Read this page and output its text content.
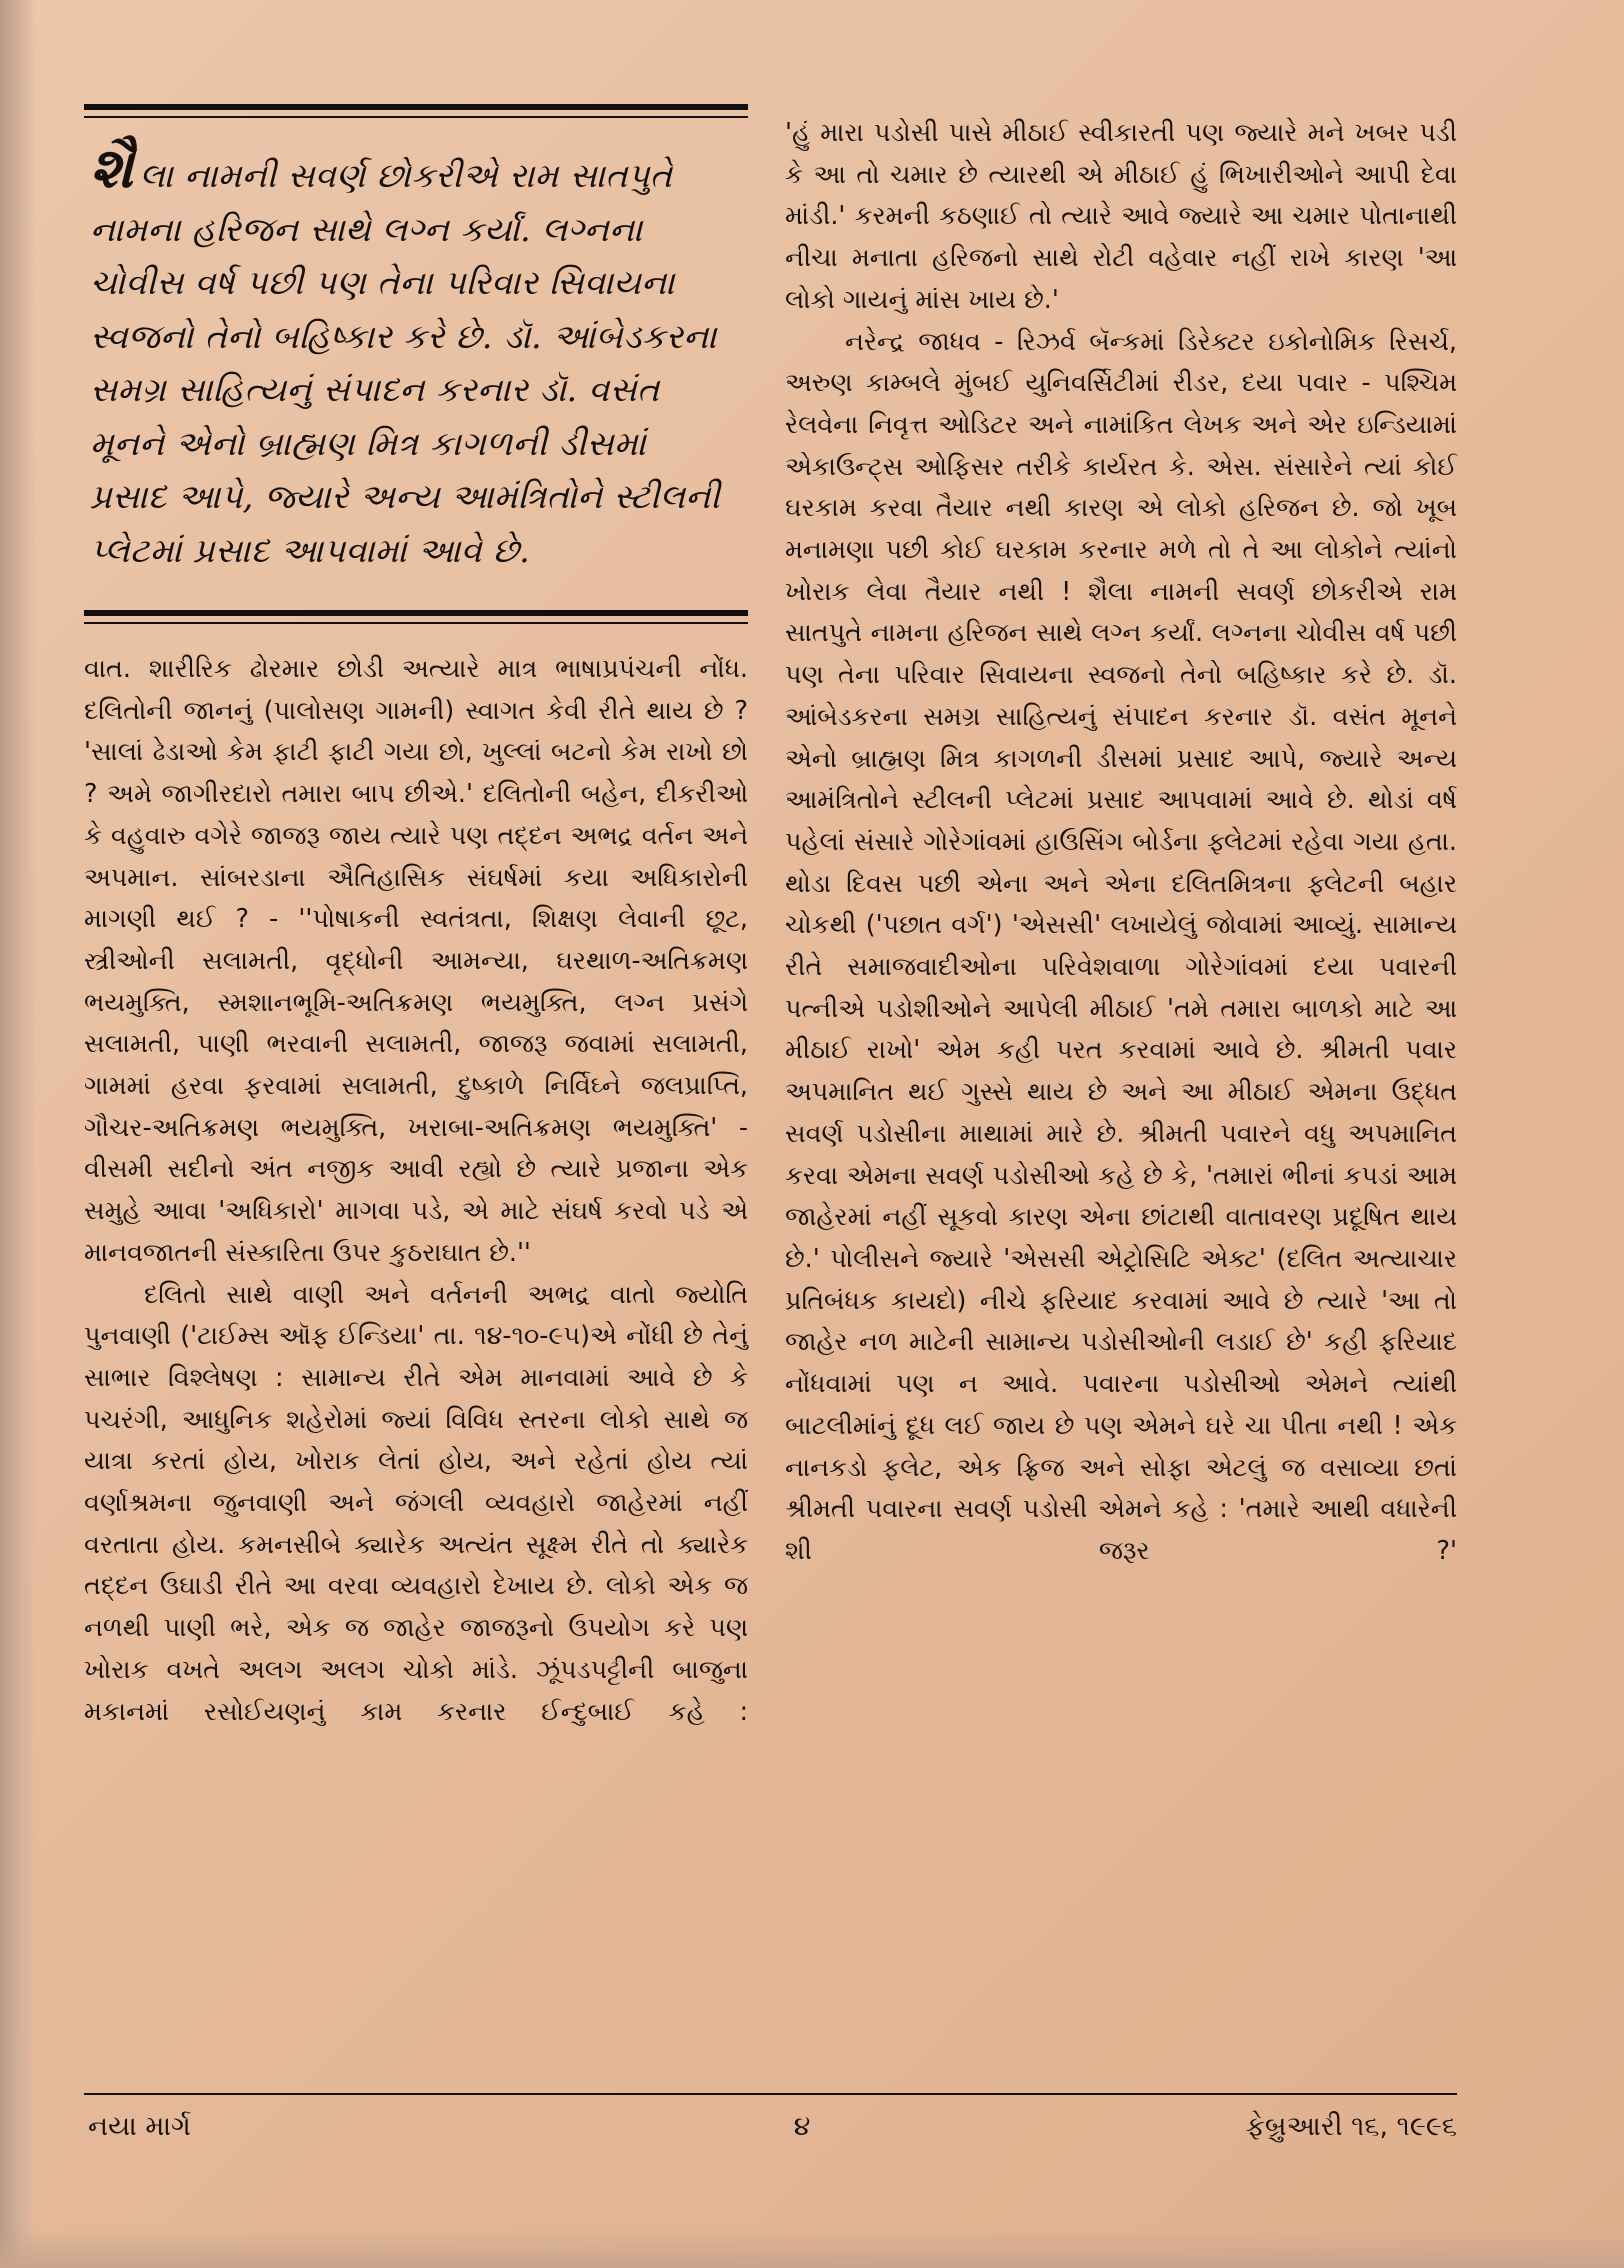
શૈલા નામની સવર્ણ છોકરીએ રામ સાતપુતે નામના હરિજન સાથે લગ્ન કર્યાં. લગ્નના ચોવીસ વર્ષ પછી પણ તેના પરિવાર સિવાયના સ્વજનો તેનો બહિષ્કાર કરે છે. ડૉ. આંબેડકરના સમગ્ર સાહિત્યનું સંપાદન કરનાર ડૉ. વસંત મૂનને એનો બ્રાહ્મણ મિત્ર કાગળની ડીસમાં પ્રસાદ આપે, જ્યારે અન્ય આમંત્રિતોને સ્ટીલની પ્લેટમાં પ્રસાદ આપવામાં આવે છે.

વાત. શારીરિક ઢોરમાર છોડી અત્યારે માત્ર ભાષાપ્રપંચની નોંધ. દલિતોની જાનનું (પાલોસણ ગામની) સ્વાગત કેવી રીતે થાય છે ? 'સાલાં ઢેડાઓ કેમ ફાટી ફાટી ગયા છો, ખુલ્લાં બટનો કેમ રાખો છો ? અમે જાગીરદારો તમારા બાપ છીએ.' દલિતોની બહેન, દીકરીઓ કે વહુવારુ વગેરે જાજરૂ જાય ત્યારે પણ તદ્દન અભદ્ર વર્તન અને અપમાન. સાંબરડાના ઐતિહાસિક સંઘર્ષમાં કયા અધિકારોની માગણી થઈ ? - ''પોષાકની સ્વતંત્રતા, શિક્ષણ લેવાની છૂટ, સ્ત્રીઓની સલામતી, વૃદ્ધોની આમન્યા, ઘરથાળ-અતિક્રમણ ભયમુક્તિ, સ્મશાનભૂમિ-અતિક્રમણ ભયમુક્તિ, લગ્ન પ્રસંગે સલામતી, પાણી ભરવાની સલામતી, જાજરૂ જવામાં સલામતી, ગામમાં હરવા ફરવામાં સલામતી, દુષ્કાળે નિર્વિઘ્ને જલપ્રાપ્તિ, ગૌચર-અતિક્રમણ ભયમુક્તિ, ખરાબા-અતિક્રમણ ભયમુક્તિ' - વીસમી સદીનો અંત નજીક આવી રહ્યો છે ત્યારે પ્રજાના એક સમુહે આવા 'અધિકારો' માગવા પડે, એ માટે સંઘર્ષ કરવો પડે એ માનવજાતની સંસ્કારિતા ઉપર કુઠરાઘાત છે.''

દલિતો સાથે વાણી અને વર્તનની અભદ્ર વાતો જ્યોતિ પુનવાણી ('ટાઈમ્સ ઑફ ઈન્ડિયા' તા. ૧૪-૧૦-૯૫)એ નોંધી છે તેનું સાભાર વિશ્લેષણ : સામાન્ય રીતે એમ માનવામાં આવે છે કે પચરંગી, આધુનિક શહેરોમાં જ્યાં વિવિધ સ્તરના લોકો સાથે જ યાત્રા કરતાં હોય, ખોરાક લેતાં હોય, અને રહેતાં હોય ત્યાં વર્ણાશ્રમના જુનવાણી અને જંગલી વ્યવહારો જાહેરમાં નહીં વરતાતા હોય. કમનસીબે ક્યારેક અત્યંત સૂક્ષ્મ રીતે તો ક્યારેક તદ્દન ઉઘાડી રીતે આ વરવા વ્યવહારો દેખાય છે. લોકો એક જ નળથી પાણી ભરે, એક જ જાહેર જાજરૂનો ઉપયોગ કરે પણ ખોરાક વખતે અલગ અલગ ચોકો માંડે. ઝૂંપડપટ્ટીની બાજુના મકાનમાં રસોઈયણનું કામ કરનાર ઈન્દુબાઈ કહે :

'હું મારા પડોસી પાસે મીઠાઈ સ્વીકારતી પણ જ્યારે મને ખબર પડી કે આ તો ચમાર છે ત્યારથી એ મીઠાઈ હું ભિખારીઓને આપી દેવા માંડી.' કરમની કઠણાઈ તો ત્યારે આવે જ્યારે આ ચમાર પોતાનાથી નીચા મનાતા હરિજનો સાથે રોટી વહેવાર નહીં રાખે કારણ 'આ લોકો ગાયનું માંસ ખાય છે.'

નરેન્દ્ર જાધવ - રિઝર્વ બૅન્કમાં ડિરેક્ટર ઇકોનોમિક રિસર્ચ, અરુણ કામ્બલે મુંબઈ યુનિવર્સિટીમાં રીડર, દયા પવાર - પશ્ચિમ રેલવેના નિવૃત્ત ઓડિટર અને નામાંકિત લેખક અને એર ઇન્ડિયામાં એકાઉન્ટ્સ ઓફિસર તરીકે કાર્યરત કે. એસ. સંસારેને ત્યાં કોઈ ઘરકામ કરવા તૈયાર નથી કારણ એ લોકો હરિજન છે. જો ખૂબ મનામણા પછી કોઈ ઘરકામ કરનાર મળે તો તે આ લોકોને ત્યાંનો ખોરાક લેવા તૈયાર નથી ! શૈલા નામની સવર્ણ છોકરીએ રામ સાતપુતે નામના હરિજન સાથે લગ્ન કર્યાં. લગ્નના ચોવીસ વર્ષ પછી પણ તેના પરિવાર સિવાયના સ્વજનો તેનો બહિષ્કાર કરે છે. ડૉ. આંબેડકરના સમગ્ર સાહિત્યનું સંપાદન કરનાર ડૉ. વસંત મૂનને એનો બ્રાહ્મણ મિત્ર કાગળની ડીસમાં પ્રસાદ આપે, જ્યારે અન્ય આમંત્રિતોને સ્ટીલની પ્લેટમાં પ્રસાદ આપવામાં આવે છે. થોડાં વર્ષ પહેલાં સંસારે ગોરેગાંવમાં હાઉસિંગ બોર્ડના ફ્લેટમાં રહેવા ગયા હતા. થોડા દિવસ પછી એના અને એના દલિતમિત્રના ફ્લેટની બહાર ચોકથી ('પછાત વર્ગ') 'એસસી' લખાયેલું જોવામાં આવ્યું. સામાન્ય રીતે સમાજવાદીઓના પરિવેશવાળા ગોરેગાંવમાં દયા પવારની પત્નીએ પડોશીઓને આપેલી મીઠાઈ 'તમે તમારા બાળકો માટે આ મીઠાઈ રાખો' એમ કહી પરત કરવામાં આવે છે. શ્રીમતી પવાર અપમાનિત થઈ ગુસ્સે થાય છે અને આ મીઠાઈ એમના ઉદ્ધત સવર્ણ પડોસીના માથામાં મારે છે. શ્રીમતી પવારને વધુ અપમાનિત કરવા એમના સવર્ણ પડોસીઓ કહે છે કે, 'તમારાં ભીનાં કપડાં આમ જાહેરમાં નહીં સૂકવો કારણ એના છાંટાથી વાતાવરણ પ્રદૂષિત થાય છે.' પોલીસને જ્યારે 'એસસી એટ્રોસિટિ એક્ટ' (દલિત અત્યાચાર પ્રતિબંધક કાયદો) નીચે ફરિયાદ કરવામાં આવે છે ત્યારે 'આ તો જાહેર નળ માટેની સામાન્ય પડોસીઓની લડાઈ છે' કહી ફરિયાદ નોંધવામાં પણ ન આવે. પવારના પડોસીઓ એમને ત્યાંથી બાટલીમાંનું દૂધ લઈ જાય છે પણ એમને ઘરે ચા પીતા નથી ! એક નાનકડો ફલેટ, એક ફ્રિજ અને સોફા એટલું જ વસાવ્યા છતાં શ્રીમતી પવારના સવર્ણ પડોસી એમને કહે : 'તમારે આથી વધારેની શી જરૂર ?'

નયા માર્ગ	૪	ફેબ્રુઆરી ૧૬, ૧૯૯૬
